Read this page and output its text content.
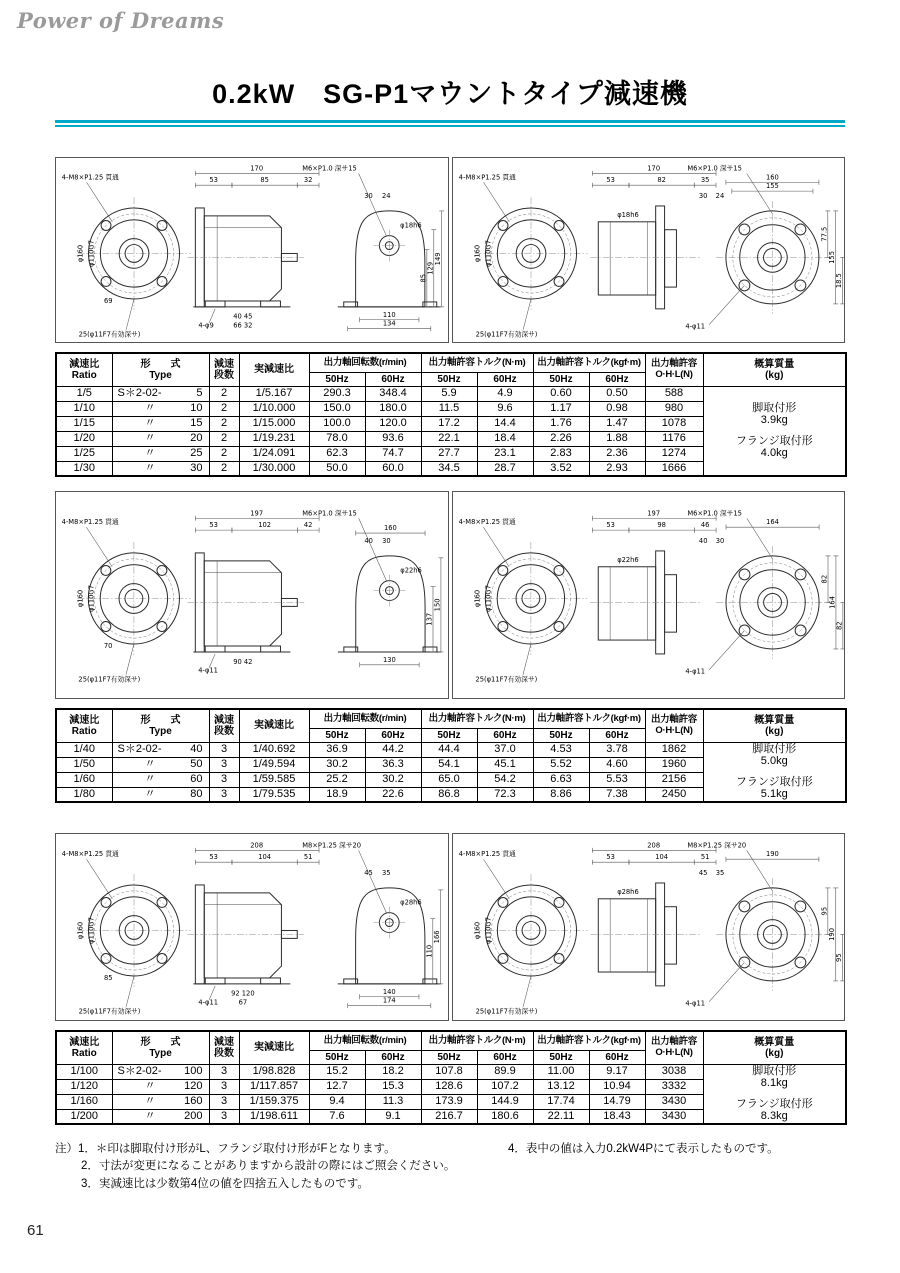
Power of Dreams
0.2kW　SG-P1マウントタイプ減速機
φ160 φ110G7
4-M8×P1.25 貫通
25(φ11F7有効深サ)
69
170
53	85	32
40 45
66 32
4-φ9
M6×P1.0 深サ15
30 24
φ18h6
85
129
149
110
134
φ160 φ110G7
4-M8×P1.25 貫通
25(φ11F7有効深サ)
170
53	82	35
φ18h6
M6×P1.0 深サ15
160
155
30 24
77.5
155
18.5
4-φ11
減速比
Ratio

形　　式
Type

減速
段数	実減速比	出力軸回転数(r/min)	出力軸許容トルク(N·m)	出力軸許容トルク(kgf·m)	出力軸許容
O·H·L(N)

概算質量
(kg)

				50Hz	60Hz	50Hz	60Hz	50Hz	60Hz		
1/5	S＊2-02-	5	2	1/5.167	290.3	348.4	5.9	4.9	0.60	0.50	588	
脚取付形
3.9kg
フランジ取付形
4.0kg

1/10	〃 10	2	1/10.000	150.0	180.0	11.5	9.6	1.17	0.98	980	
1/15	〃 15	2	1/15.000	100.0	120.0	17.2	14.4	1.76	1.47	1078	
1/20	〃 20	2	1/19.231	78.0	93.6	22.1	18.4	2.26	1.88	1176	
1/25	〃 25	2	1/24.091	62.3	74.7	27.7	23.1	2.83	2.36	1274	
1/30	〃 30	2	1/30.000	50.0	60.0	34.5	28.7	3.52	2.93	1666	
φ160 φ110G7
4-M8×P1.25 貫通
25(φ11F7有効深サ)
70
197
53	102	42
90 42
4-φ11
M6×P1.0 深サ15
160
40 30
φ22h6
137
150
130
φ160 φ110G7
4-M8×P1.25 貫通
25(φ11F7有効深サ)
197
53	98	46
φ22h6
M6×P1.0 深サ15
164
40 30
82
164
82
4-φ11
減速比
Ratio

形　　式
Type

減速
段数	実減速比	出力軸回転数(r/min)	出力軸許容トルク(N·m)	出力軸許容トルク(kgf·m)	出力軸許容
O·H·L(N)

概算質量
(kg)

				50Hz	60Hz	50Hz	60Hz	50Hz	60Hz		
1/40	S＊2-02-	40	3	1/40.692	36.9	44.2	44.4	37.0	4.53	3.78	1862	脚取付形
5.0kg
フランジ取付形
5.1kg

1/50	〃 50	3	1/49.594	30.2	36.3	54.1	45.1	5.52	4.60	1960	
1/60	〃 60	3	1/59.585	25.2	30.2	65.0	54.2	6.63	5.53	2156	
1/80	〃 80	3	1/79.535	18.9	22.6	86.8	72.3	8.86	7.38	2450	
φ160 φ110G7
4-M8×P1.25 貫通
25(φ11F7有効深サ)
85
208
53	104	51
92 120
67
4-φ11
M8×P1.25 深サ20
45 35
φ28h6
110
166
140
174
φ160 φ110G7
4-M8×P1.25 貫通
25(φ11F7有効深サ)
208
53	104	51
φ28h6
M8×P1.25 深サ20
190
45 35
95
190
95
4-φ11
減速比
Ratio

形　　式
Type

減速
段数	実減速比	出力軸回転数(r/min)	出力軸許容トルク(N·m)	出力軸許容トルク(kgf·m)	出力軸許容
O·H·L(N)

概算質量
(kg)

				50Hz	60Hz	50Hz	60Hz	50Hz	60Hz		
1/100	S＊2-02-	100	3	1/98.828	15.2	18.2	107.8	89.9	11.00	9.17	3038	脚取付形
8.1kg
フランジ取付形
8.3kg

1/120	〃 120	3	1/117.857	12.7	15.3	128.6	107.2	13.12	10.94	3332	
1/160	〃 160	3	1/159.375	9.4	11.3	173.9	144.9	17.74	14.79	3430	
1/200	〃 200	3	1/198.611	7.6	9.1	216.7	180.6	22.11	18.43	3430	
注） 1．＊印は脚取付け形がL、フランジ取付け形がFとなります。
2．寸法が変更になることがありますから設計の際にはご照会ください。
3．実減速比は少数第4位の値を四捨五入したものです。
4．表中の値は入力0.2kW4Pにて表示したものです。
61
